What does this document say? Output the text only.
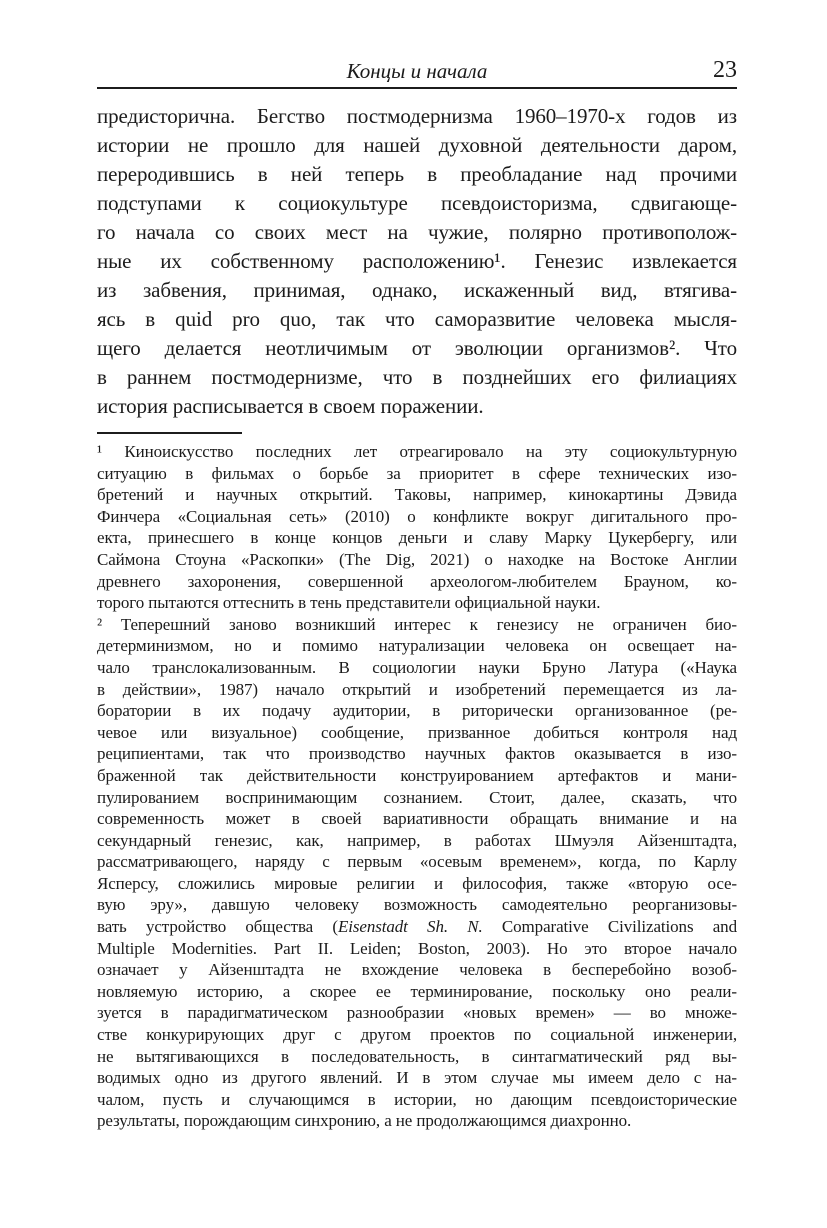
Концы и начала	23
предисторична. Бегство постмодернизма 1960–1970-х годов из
истории не прошло для нашей духовной деятельности даром,
переродившись в ней теперь в преобладание над прочими
подступами к социокультуре псевдоисторизма, сдвигающе-
го начала со своих мест на чужие, полярно противополож-
ные их собственному расположению¹. Генезис извлекается
из забвения, принимая, однако, искаженный вид, втягива-
ясь в quid pro quo, так что саморазвитие человека мысля-
щего делается неотличимым от эволюции организмов². Что
в раннем постмодернизме, что в позднейших его филиациях
история расписывается в своем поражении.
¹ Киноискусство последних лет отреагировало на эту социокультурную
ситуацию в фильмах о борьбе за приоритет в сфере технических изо-
бретений и научных открытий. Таковы, например, кинокартины Дэвида
Финчера «Социальная сеть» (2010) о конфликте вокруг дигитального про-
екта, принесшего в конце концов деньги и славу Марку Цукербергу, или
Саймона Стоуна «Раскопки» (The Dig, 2021) о находке на Востоке Англии
древнего захоронения, совершенной археологом-любителем Брауном, ко-
торого пытаются оттеснить в тень представители официальной науки.
² Теперешний заново возникший интерес к генезису не ограничен био-
детерминизмом, но и помимо натурализации человека он освещает на-
чало транслокализованным. В социологии науки Бруно Латура («Наука
в действии», 1987) начало открытий и изобретений перемещается из ла-
боратории в их подачу аудитории, в риторически организованное (ре-
чевое или визуальное) сообщение, призванное добиться контроля над
реципиентами, так что производство научных фактов оказывается в изо-
браженной так действительности конструированием артефактов и мани-
пулированием воспринимающим сознанием. Стоит, далее, сказать, что
современность может в своей вариативности обращать внимание и на
секундарный генезис, как, например, в работах Шмуэля Айзенштадта,
рассматривающего, наряду с первым «осевым временем», когда, по Карлу
Ясперсу, сложились мировые религии и философия, также «вторую осе-
вую эру», давшую человеку возможность самодеятельно реорганизовы-
вать устройство общества (Eisenstadt Sh. N. Comparative Civilizations and
Multiple Modernities. Part II. Leiden; Boston, 2003). Но это второе начало
означает у Айзенштадта не вхождение человека в бесперебойно возоб-
новляемую историю, а скорее ее терминирование, поскольку оно реали-
зуется в парадигматическом разнообразии «новых времен» — во множе-
стве конкурирующих друг с другом проектов по социальной инженерии,
не вытягивающихся в последовательность, в синтагматический ряд вы-
водимых одно из другого явлений. И в этом случае мы имеем дело с на-
чалом, пусть и случающимся в истории, но дающим псевдоисторические
результаты, порождающим синхронию, а не продолжающимся диахронно.
